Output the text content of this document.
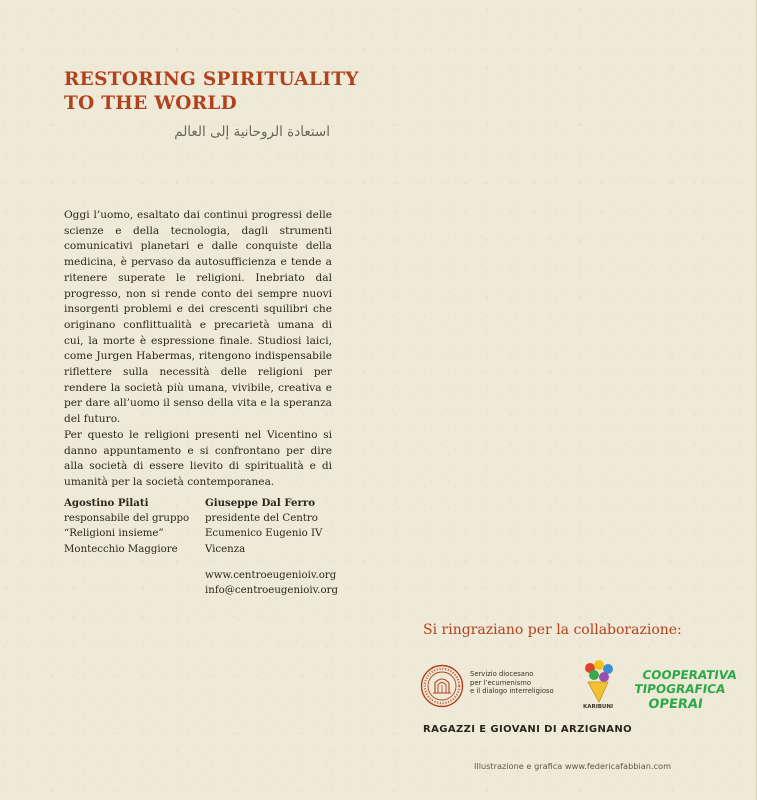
RESTORING SPIRITUALITY
TO THE WORLD
استعادة الروحانية إلى العالم

Oggi l’uomo, esaltato dai continui progressi delle scienze e della tecnologia, dagli strumenti comunicativi planetari e dalle conquiste della medicina, è pervaso da autosufficienza e tende a ritenere superate le religioni. Inebriato dal progresso, non si rende conto dei sempre nuovi insorgenti problemi e dei crescenti squilibri che originano conflittualità e precarietà umana di cui, la morte è espressione finale. Studiosi laici, come Jurgen Habermas, ritengono indispensabile riflettere sulla necessità delle religioni per rendere la società più umana, vivibile, creativa e per dare all’uomo il senso della vita e la speranza del futuro.

Per questo le religioni presenti nel Vicentino si danno appuntamento e si confrontano per dire alla società di essere lievito di spiritualità e di umanità per la società contemporanea.

Agostino Pilati
responsabile del gruppo
“Religioni insieme”
Montecchio Maggiore
Giuseppe Dal Ferro
presidente del Centro
Ecumenico Eugenio IV
Vicenza
www.centroeugenioiv.org
info@centroeugenioiv.org
Si ringraziano per la collaborazione:
Servizio diocesano
per l’ecumenismo
e il dialogo interreligioso
KARIBUNI
COOPERATIVA
TIPOGRAFICA
OPERAI
RAGAZZI E GIOVANI DI ARZIGNANO
Illustrazione e grafica www.federicafabbian.com
